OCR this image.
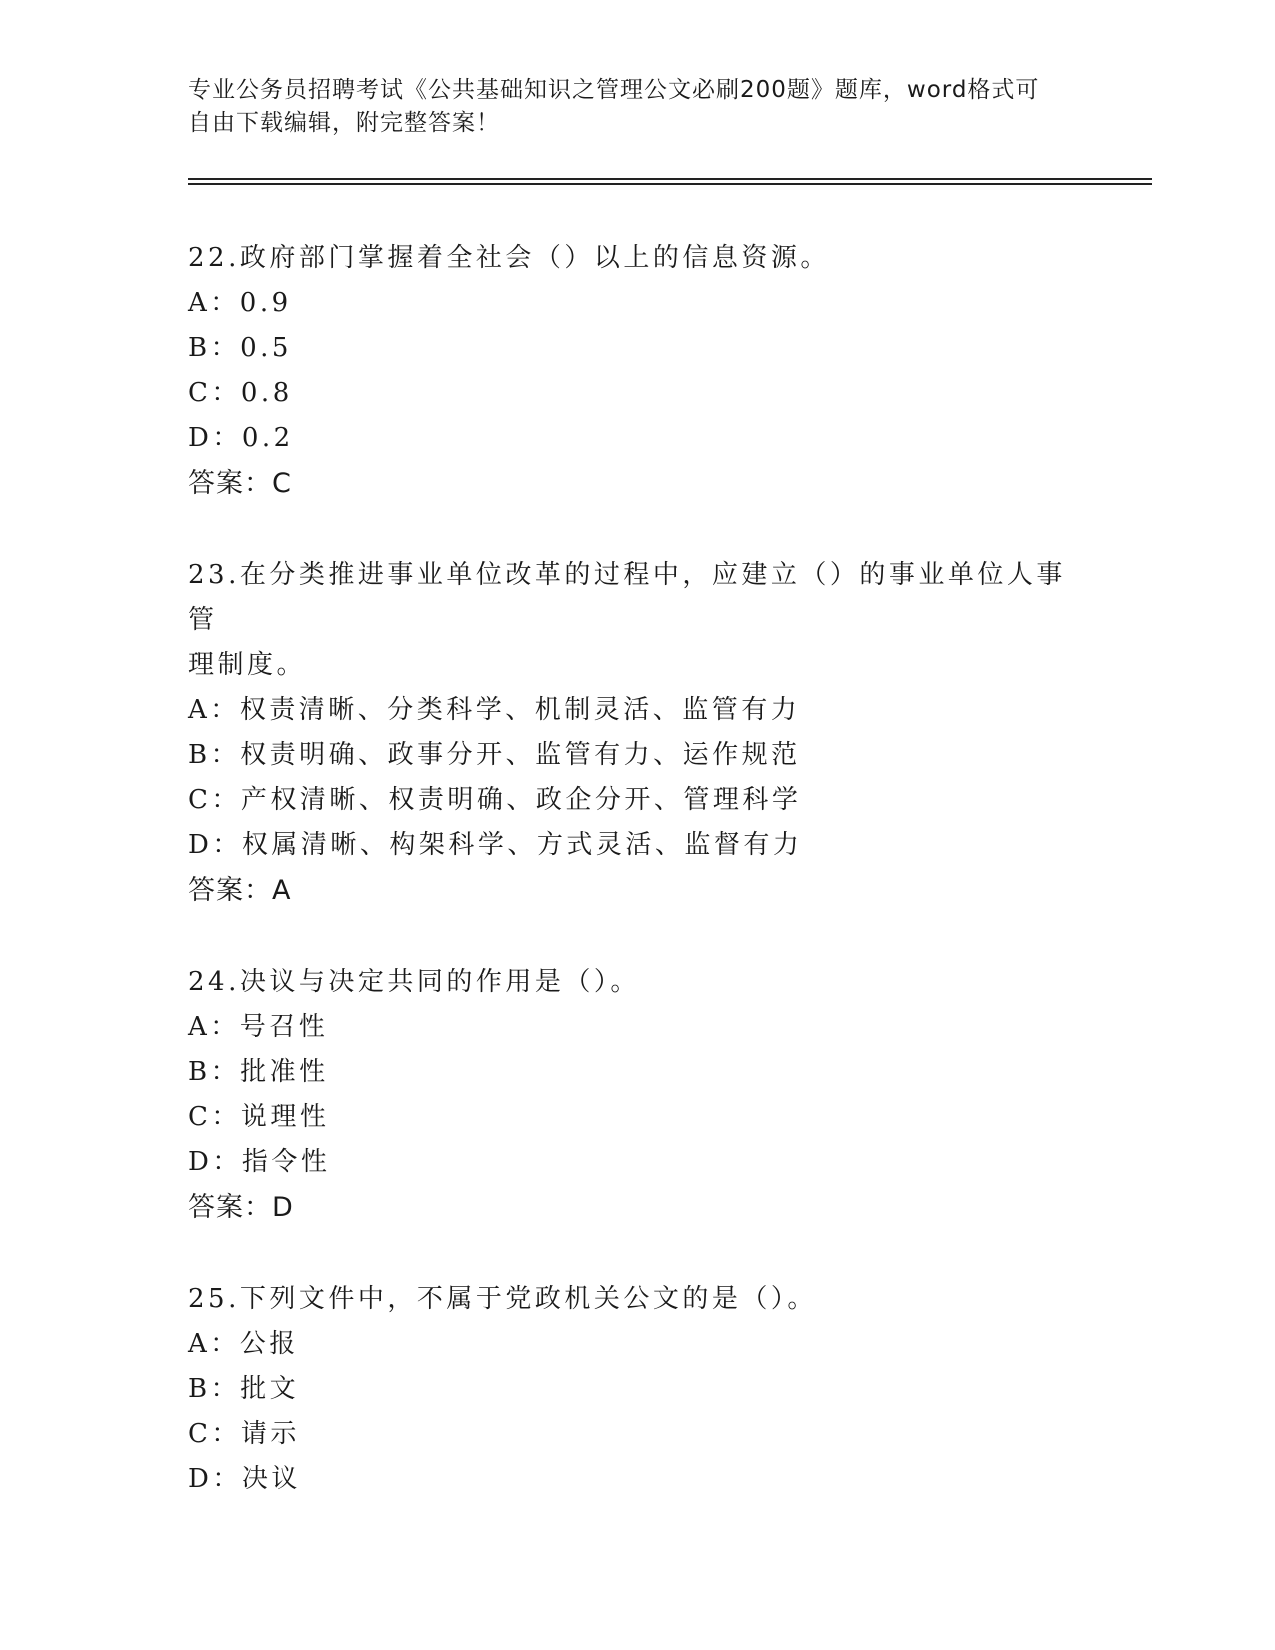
专业公务员招聘考试《公共基础知识之管理公文必刷200题》题库，word格式可
自由下载编辑，附完整答案！
22.政府部门掌握着全社会（）以上的信息资源。
A：0.9
B：0.5
C：0.8
D：0.2
答案：C
23.在分类推进事业单位改革的过程中，应建立（）的事业单位人事管
理制度。
A：权责清晰、分类科学、机制灵活、监管有力
B：权责明确、政事分开、监管有力、运作规范
C：产权清晰、权责明确、政企分开、管理科学
D：权属清晰、构架科学、方式灵活、监督有力
答案：A
24.决议与决定共同的作用是（）。
A：号召性
B：批准性
C：说理性
D：指令性
答案：D
25.下列文件中，不属于党政机关公文的是（）。
A：公报
B：批文
C：请示
D：决议
